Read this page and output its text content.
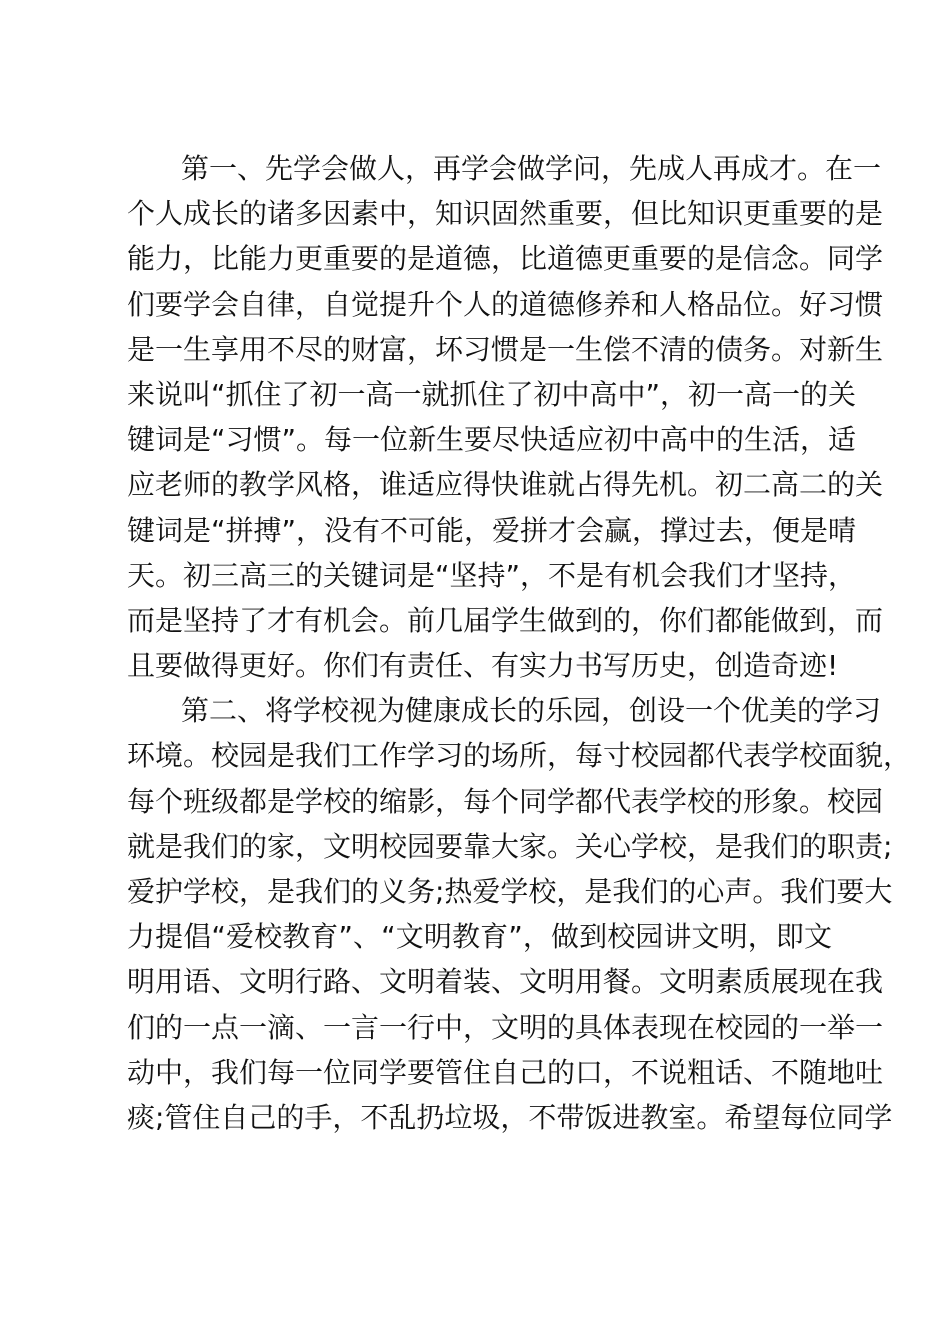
第一、先学会做人，再学会做学问，先成人再成才。在一
个人成长的诸多因素中，知识固然重要，但比知识更重要的是
能力，比能力更重要的是道德，比道德更重要的是信念。同学
们要学会自律，自觉提升个人的道德修养和人格品位。好习惯
是一生享用不尽的财富，坏习惯是一生偿不清的债务。对新生
来说叫“抓住了初一高一就抓住了初中高中”，初一高一的关
键词是“习惯”。每一位新生要尽快适应初中高中的生活，适
应老师的教学风格，谁适应得快谁就占得先机。初二高二的关
键词是“拼搏”，没有不可能，爱拼才会赢，撑过去，便是晴
天。初三高三的关键词是“坚持”，不是有机会我们才坚持，
而是坚持了才有机会。前几届学生做到的，你们都能做到，而
且要做得更好。你们有责任、有实力书写历史，创造奇迹!
第二、将学校视为健康成长的乐园，创设一个优美的学习
环境。校园是我们工作学习的场所，每寸校园都代表学校面貌，
每个班级都是学校的缩影，每个同学都代表学校的形象。校园
就是我们的家，文明校园要靠大家。关心学校，是我们的职责;
爱护学校，是我们的义务;热爱学校，是我们的心声。我们要大
力提倡“爱校教育”、“文明教育”，做到校园讲文明，即文
明用语、文明行路、文明着装、文明用餐。文明素质展现在我
们的一点一滴、一言一行中，文明的具体表现在校园的一举一
动中，我们每一位同学要管住自己的口，不说粗话、不随地吐
痰;管住自己的手，不乱扔垃圾，不带饭进教室。希望每位同学
